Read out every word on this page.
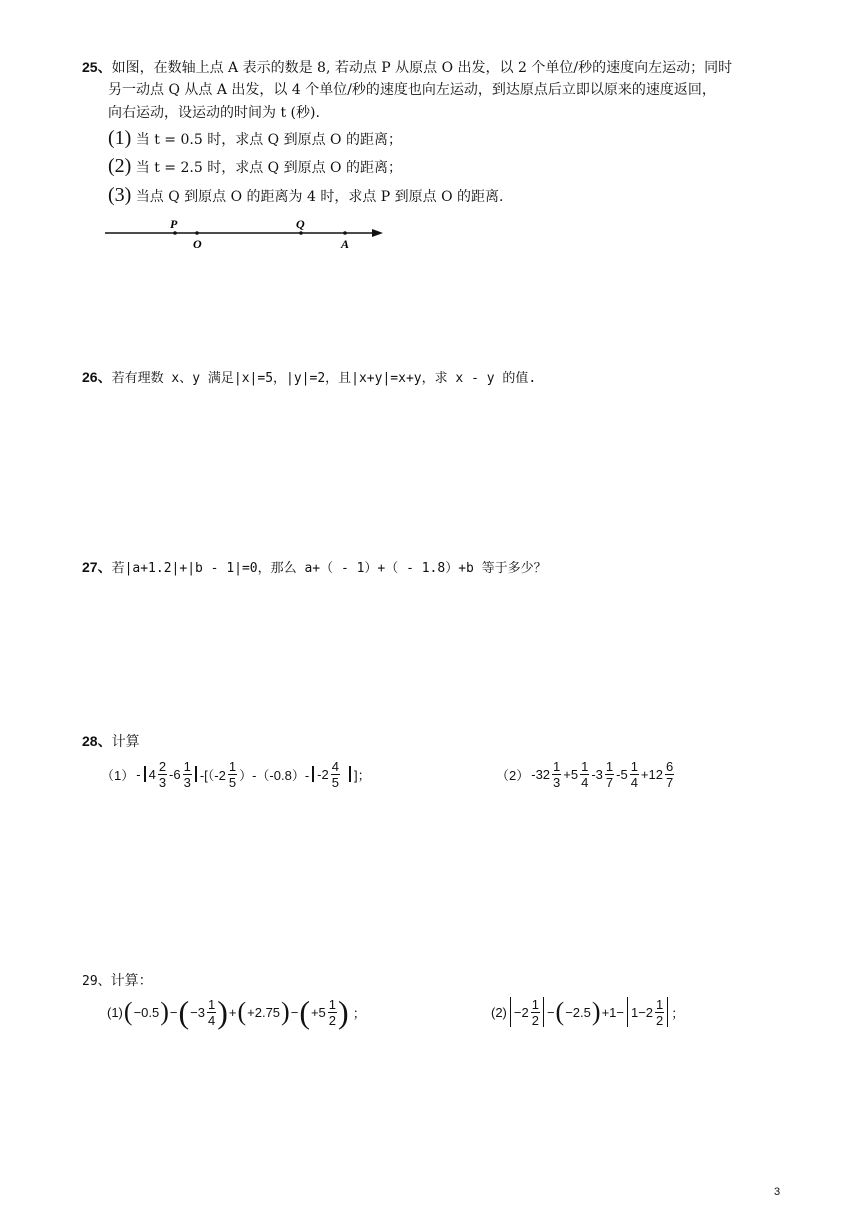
25、如图，在数轴上点 A 表示的数是 8, 若动点 P 从原点 O 出发，以 2 个单位/秒的速度向左运动；同时
另一动点 Q 从点 A 出发，以 4 个单位/秒的速度也向左运动，到达原点后立即以原来的速度返回，
向右运动，设运动的时间为 t (秒).
(1) 当 t = 0.5 时，求点 Q 到原点 O 的距离；
(2) 当 t = 2.5 时，求点 Q 到原点 O 的距离；
(3) 当点 Q 到原点 O 的距离为 4 时，求点 P 到原点 O 的距离.
P
O
Q
A
26、若有理数 x、y 满足|x|=5，|y|=2，且|x+y|=x+y，求 x - y 的值.
27、若|a+1.2|+|b - 1|=0，那么 a+（ - 1）+（ - 1.8）+b 等于多少？
28、计算
$(1) - 4 \frac{2}{3} -6 \frac{1}{3} -[(-2 \frac{1}{5} )-(-0.8)-$ $-2 \frac{4}{5}$ ]；	（2） $-32 \frac{1}{3} +5 \frac{1}{4} -3 \frac{1}{7} -5 \frac{1}{4} +12 \frac{6}{7}$
29、计算：
(1) ( −0.5 ) − ( $-3 \frac{1}{4}$ ) + ( +2.75 ) − ( $+5 \frac{1}{2}$ ) ；	$(2) -2 \frac{1}{2}$ − ( −2.5 ) $+1- 1-2 \frac{1}{2}$ ；
3
